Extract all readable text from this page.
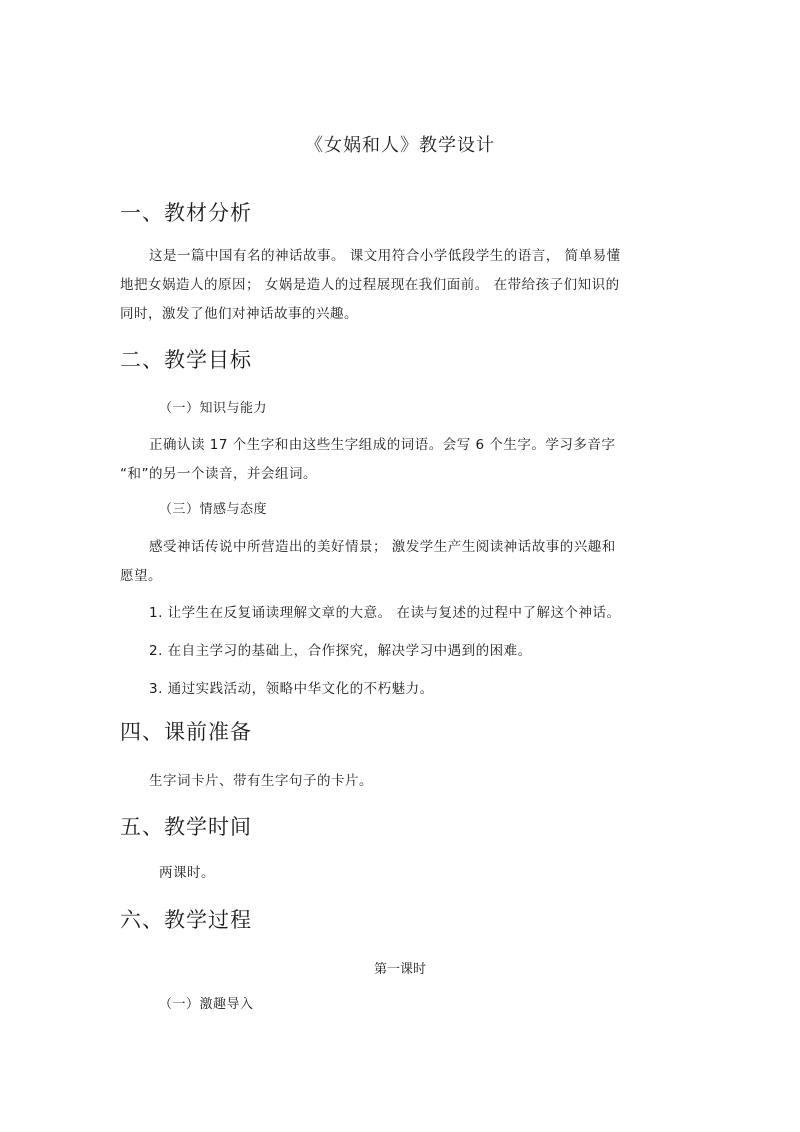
《女娲和人》教学设计
一、教材分析
这是一篇中国有名的神话故事。 课文用符合小学低段学生的语言， 简单易懂
地把女娲造人的原因； 女娲是造人的过程展现在我们面前。 在带给孩子们知识的
同时，激发了他们对神话故事的兴趣。
二、教学目标
（一）知识与能力
正确认读 17 个生字和由这些生字组成的词语。会写 6 个生字。学习多音字
“和”的另一个读音，并会组词。
（三）情感与态度
感受神话传说中所营造出的美好情景； 激发学生产生阅读神话故事的兴趣和
愿望。
1. 让学生在反复诵读理解文章的大意。 在读与复述的过程中了解这个神话。
2. 在自主学习的基础上，合作探究，解决学习中遇到的困难。
3. 通过实践活动，领略中华文化的不朽魅力。
四、课前准备
生字词卡片、带有生字句子的卡片。
五、教学时间
两课时。
六、教学过程
第一课时
（一）激趣导入
